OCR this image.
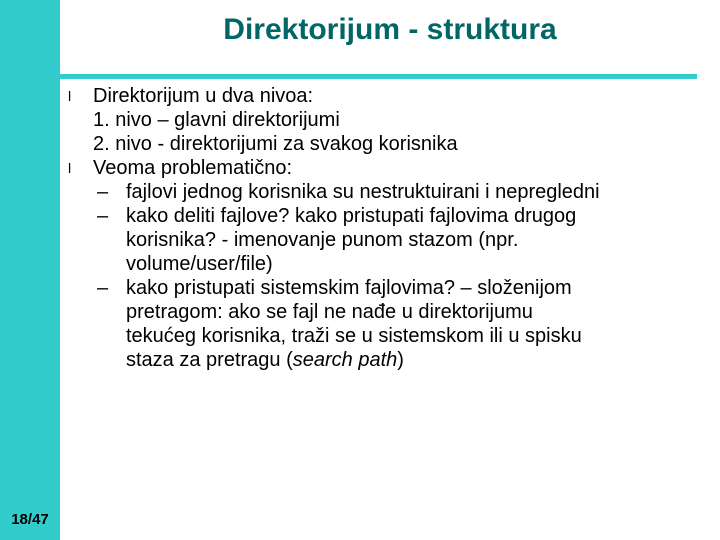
18/47
Direktorijum - struktura
l	Direktorijum u dva nivoa:
1. nivo – glavni direktorijumi
2. nivo - direktorijumi za svakog korisnika
l	Veoma problematično:
– fajlovi jednog korisnika su nestruktuirani i nepregledni
– kako deliti fajlove? kako pristupati fajlovima drugog
korisnika? - imenovanje punom stazom (npr.
volume/user/file)
– kako pristupati sistemskim fajlovima? – složenijom
pretragom: ako se fajl ne nađe u direktorijumu
tekućeg korisnika, traži se u sistemskom ili u spisku
staza za pretragu (search path)
